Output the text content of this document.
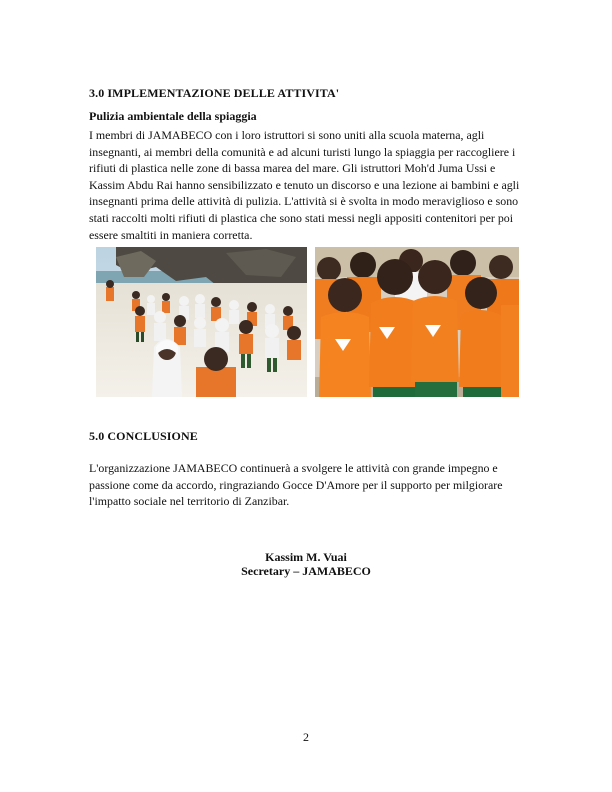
3.0 IMPLEMENTAZIONE DELLE ATTIVITA'
Pulizia ambientale della spiaggia

I membri di JAMABECO con i loro istruttori si sono uniti alla scuola materna, agli insegnanti, ai membri della comunità e ad alcuni turisti lungo la spiaggia per raccogliere i rifiuti di plastica nelle zone di bassa marea del mare. Gli istruttori Moh'd Juma Ussi e Kassim Abdu Rai hanno sensibilizzato e tenuto un discorso e una lezione ai bambini e agli insegnanti prima delle attività di pulizia. L'attività si è svolta in modo meraviglioso e sono stati raccolti molti rifiuti di plastica che sono stati messi negli appositi contenitori per poi essere smaltiti in maniera corretta.

5.0 CONCLUSIONE

L'organizzazione JAMABECO continuerà a svolgere le attività con grande impegno e passione come da accordo, ringraziando Gocce D'Amore per il supporto per milgiorare l'impatto sociale nel territorio di Zanzibar.

Kassim M. Vuai
Secretary – JAMABECO
2
